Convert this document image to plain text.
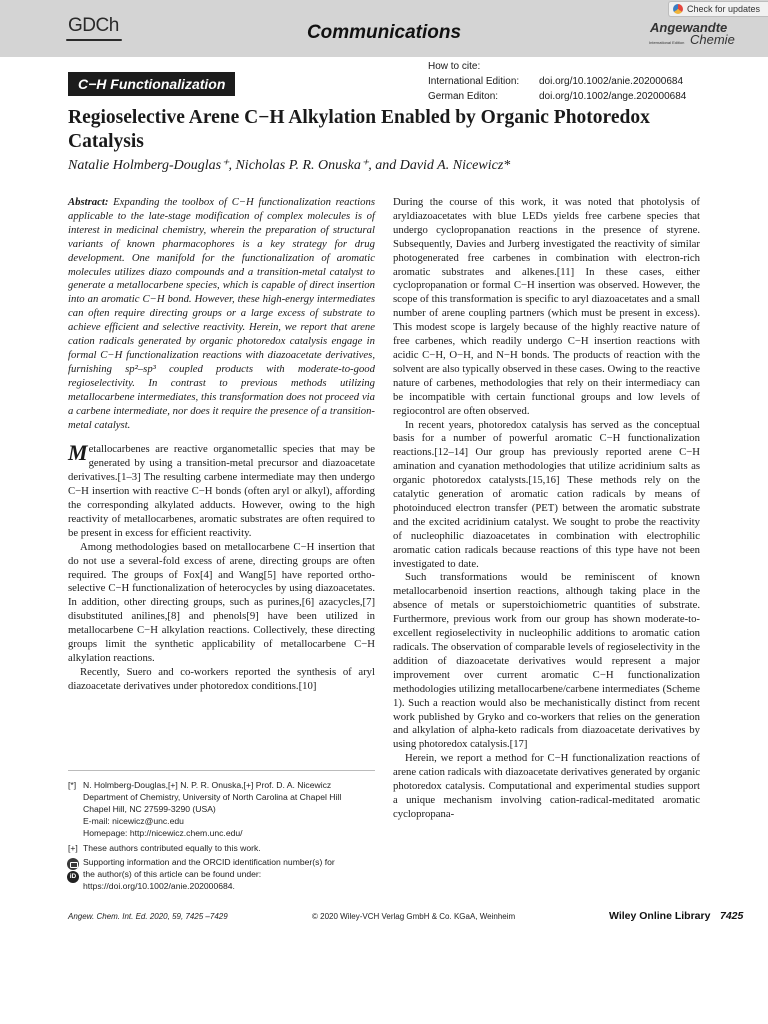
GDCh	Communications
Check for updates
Angewandte
International Edition Chemie
C−H Functionalization
How to cite:
International Edition: doi.org/10.1002/anie.202000684
German Editon:	doi.org/10.1002/ange.202000684
Regioselective Arene C−H Alkylation Enabled by Organic Photoredox
Catalysis
Natalie Holmberg-Douglas⁺, Nicholas P. R. Onuska⁺, and David A. Nicewicz*

Abstract: Expanding the toolbox of C−H functionalization reactions applicable to the late-stage modification of complex molecules is of interest in medicinal chemistry, wherein the preparation of structural variants of known pharmacophores is a key strategy for drug development. One manifold for the functionalization of aromatic molecules utilizes diazo compounds and a transition-metal catalyst to generate a metallocarbene species, which is capable of direct insertion into an aromatic C−H bond. However, these high-energy intermediates can often require directing groups or a large excess of substrate to achieve efficient and selective reactivity. Herein, we report that arene cation radicals generated by organic photoredox catalysis engage in formal C−H functionalization reactions with diazoacetate derivatives, furnishing sp²–sp³ coupled products with moderate-to-good regioselectivity. In contrast to previous methods utilizing metallocarbene intermediates, this transformation does not proceed via a carbene intermediate, nor does it require the presence of a transition-metal catalyst.

Metallocarbenes are reactive organometallic species that may be generated by using a transition-metal precursor and diazoacetate derivatives.[1–3] The resulting carbene intermediate may then undergo C−H insertion with reactive C−H bonds (often aryl or alkyl), affording the corresponding alkylated adducts. However, owing to the high reactivity of metallocarbenes, aromatic substrates are often required to be present in excess for efficient reactivity.

Among methodologies based on metallocarbene C−H insertion that do not use a several-fold excess of arene, directing groups are often required. The groups of Fox[4] and Wang[5] have reported ortho-selective C−H functionalization of heterocycles by using diazoacetates. In addition, other directing groups, such as purines,[6] azacycles,[7] disubstituted anilines,[8] and phenols[9] have been utilized in metallocarbene C−H alkylation reactions. Collectively, these directing groups limit the synthetic applicability of metallocarbene C−H alkylation reactions.

Recently, Suero and co-workers reported the synthesis of aryl diazoacetate derivatives under photoredox conditions.[10]

During the course of this work, it was noted that photolysis of aryldiazoacetates with blue LEDs yields free carbene species that undergo cyclopropanation reactions in the presence of styrene. Subsequently, Davies and Jurberg investigated the reactivity of similar photogenerated free carbenes in combination with electron-rich aromatic substrates and alkenes.[11] In these cases, either cyclopropanation or formal C−H insertion was observed. However, the scope of this transformation is specific to aryl diazoacetates and a small number of arene coupling partners (which must be present in excess). This modest scope is largely because of the highly reactive nature of free carbenes, which readily undergo C−H insertion reactions with acidic C−H, O−H, and N−H bonds. The products of reaction with the solvent are also typically observed in these cases. Owing to the reactive nature of carbenes, methodologies that rely on their intermediacy can be incompatible with certain functional groups and low levels of regiocontrol are often observed.

In recent years, photoredox catalysis has served as the conceptual basis for a number of powerful aromatic C−H functionalization reactions.[12–14] Our group has previously reported arene C−H amination and cyanation methodologies that utilize acridinium salts as organic photoredox catalysts.[15,16] These methods rely on the catalytic generation of aromatic cation radicals by means of photoinduced electron transfer (PET) between the aromatic substrate and the excited acridinium catalyst. We sought to probe the reactivity of nucleophilic diazoacetates in combination with electrophilic aromatic cation radicals because reactions of this type have not been investigated to date.

Such transformations would be reminiscent of known metallocarbenoid insertion reactions, although taking place in the absence of metals or superstoichiometric quantities of substrate. Furthermore, previous work from our group has shown moderate-to-excellent regioselectivity in nucleophilic additions to aromatic cation radicals. The observation of comparable levels of regioselectivity in the addition of diazoacetate derivatives would represent a major improvement over current aromatic C−H functionalization methodologies utilizing metallocarbene/carbene intermediates (Scheme 1). Such a reaction would also be mechanistically distinct from recent work published by Gryko and co-workers that relies on the generation and alkylation of alpha-keto radicals from diazoacetate derivatives by using photoredox catalysis.[17]

Herein, we report a method for C−H functionalization reactions of arene cation radicals with diazoacetate derivatives generated by organic photoredox catalysis. Computational and experimental studies support a unique mechanism involving cation-radical-meditated aromatic cyclopropana-

[*] N. Holmberg-Douglas,[+] N. P. R. Onuska,[+] Prof. D. A. Nicewicz
Department of Chemistry, University of North Carolina at Chapel Hill
Chapel Hill, NC 27599-3290 (USA)
E-mail: nicewicz@unc.edu
Homepage: http://nicewicz.chem.unc.edu/
[+] These authors contributed equally to this work.
iD
Supporting information and the ORCID identification number(s) for
the author(s) of this article can be found under:
https://doi.org/10.1002/anie.202000684.
Angew. Chem. Int. Ed. 2020, 59, 7425 –7429	© 2020 Wiley-VCH Verlag GmbH & Co. KGaA, Weinheim	Wiley Online Library 7425
